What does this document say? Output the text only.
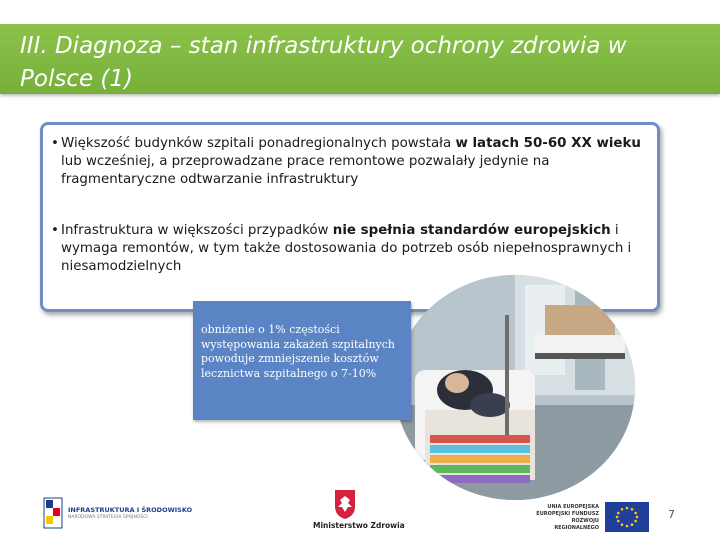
III. Diagnoza – stan infrastruktury ochrony zdrowia w Polsce (1)
• Większość budynków szpitali ponadregionalnych powstała w latach 50-60 XX wieku lub wcześniej, a przeprowadzane prace remontowe pozwalały jedynie na fragmentaryczne odtwarzanie infrastruktury
• Infrastruktura w większości przypadków nie spełnia standardów europejskich i wymaga remontów, w tym także dostosowania do potrzeb osób niepełnosprawnych i niesamodzielnych
obniżenie o 1% częstości występowania zakażeń szpitalnych powoduje zmniejszenie kosztów lecznictwa szpitalnego o 7-10%
INFRASTRUKTURA I ŚRODOWISKO
NARODOWA STRATEGIA SPÓJNOŚCI
Ministerstwo Zdrowia
UNIA EUROPEJSKA
EUROPEJSKI FUNDUSZ
ROZWOJU REGIONALNEGO
7
